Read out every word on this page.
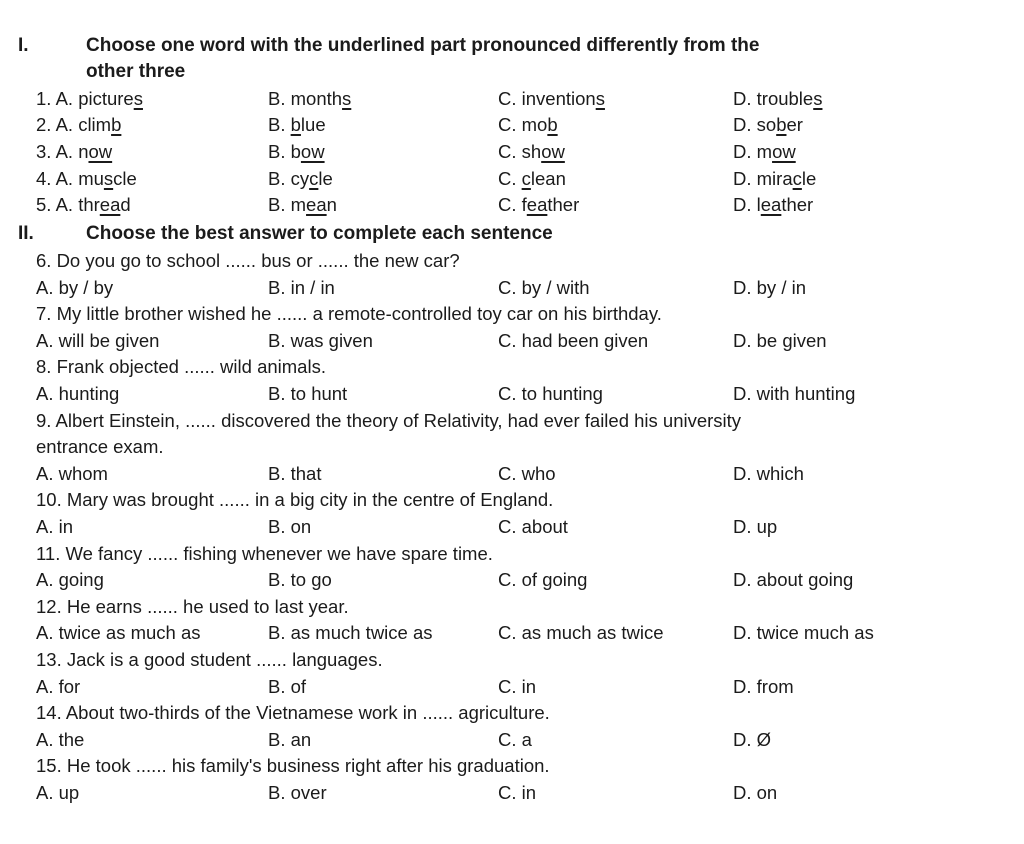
I.	Choose one word with the underlined part pronounced differently from the
other three
1. A. pictures	B. months	C. inventions	D. troubles
2. A. climb	B. blue	C. mob	D. sober
3. A. now	B. bow	C. show	D. mow
4. A. muscle	B. cycle	C. clean	D. miracle
5. A. thread	B. mean	C. feather	D. leather
II.	Choose the best answer to complete each sentence
6. Do you go to school ...... bus or ...... the new car?
A. by / by	B. in / in	C. by / with	D. by / in
7. My little brother wished he ...... a remote-controlled toy car on his birthday.
A. will be given	B. was given	C. had been given	D. be given
8. Frank objected ...... wild animals.
A. hunting	B. to hunt	C. to hunting	D. with hunting
9. Albert Einstein, ...... discovered the theory of Relativity, had ever failed his university
entrance exam.
A. whom	B. that	C. who	D. which
10. Mary was brought ...... in a big city in the centre of England.
A. in	B. on	C. about	D. up
11. We fancy ...... fishing whenever we have spare time.
A. going	B. to go	C. of going	D. about going
12. He earns ...... he used to last year.
A. twice as much as	B. as much twice as	C. as much as twice	D. twice much as
13. Jack is a good student ...... languages.
A. for	B. of	C. in	D. from
14. About two-thirds of the Vietnamese work in ...... agriculture.
A. the	B. an	C. a	D. Ø
15. He took ...... his family's business right after his graduation.
A. up	B. over	C. in	D. on
